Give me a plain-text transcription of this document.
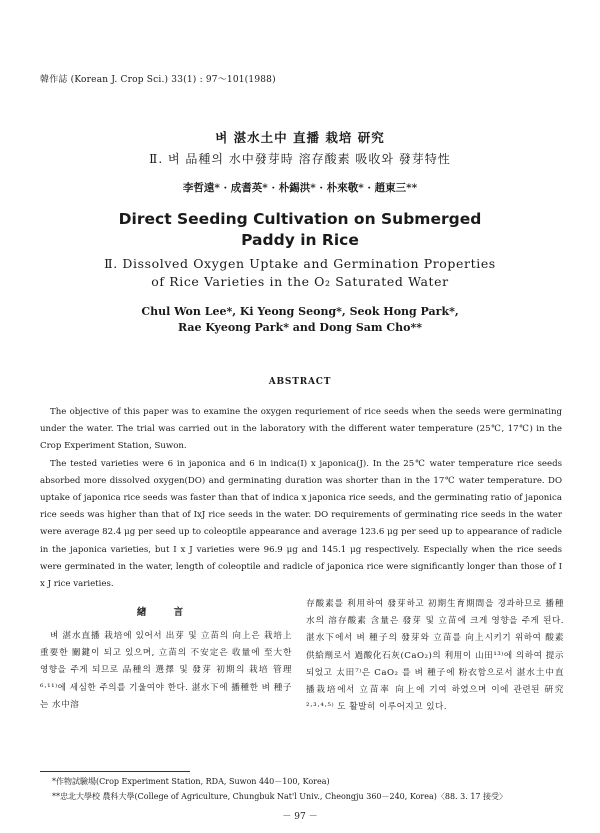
韓作誌 (Korean J. Crop Sci.) 33(1) : 97～101(1988)
벼 湛水土中 直播 栽培 研究
Ⅱ. 벼 品種의 水中發芽時 溶存酸素 吸收와 發芽特性
李哲遠* · 成耆英* · 朴錫洪* · 朴來敬* · 趙東三**
Direct Seeding Cultivation on Submerged
Paddy in Rice
Ⅱ. Dissolved Oxygen Uptake and Germination Properties
of Rice Varieties in the O₂ Saturated Water
Chul Won Lee*, Ki Yeong Seong*, Seok Hong Park*,
Rae Kyeong Park* and Dong Sam Cho**
ABSTRACT

The objective of this paper was to examine the oxygen requriement of rice seeds when the seeds were germinating under the water. The trial was carried out in the laboratory with the different water temperature (25℃, 17℃) in the Crop Experiment Station, Suwon.

The tested varieties were 6 in japonica and 6 in indica(I) x japonica(J). In the 25℃ water temperature rice seeds absorbed more dissolved oxygen(DO) and germinating duration was shorter than in the 17℃ water temperature. DO uptake of japonica rice seeds was faster than that of indica x japonica rice seeds, and the germinating ratio of japonica rice seeds was higher than that of IxJ rice seeds in the water. DO requirements of germinating rice seeds in the water were average 82.4 μg per seed up to coleoptile appearance and average 123.6 μg per seed up to appearance of radicle in the japonica varieties, but I x J varieties were 96.9 μg and 145.1 μg respectively. Especially when the rice seeds were germinated in the water, length of coleoptile and radicle of japonica rice were significantly longer than those of I x J rice varieties.

緖 言

벼 湛水直播 栽培에 있어서 出芽 및 立苗의 向上은 栽培上 重要한 關鍵이 되고 있으며, 立苗의 不安定은 收量에 至大한 영향을 주게 되므로 品種의 選擇 및 發芽 初期의 栽培 管理⁶·¹¹⁾에 세심한 주의를 기울여야 한다. 湛水下에 播種한 벼 種子는 水中溶

存酸素를 利用하여 發芽하고 初期生育期間을 경과하므로 播種水의 溶存酸素 含量은 發芽 및 立苗에 크게 영향을 주게 된다. 湛水下에서 벼 種子의 發芽와 立苗를 向上시키기 위하여 酸素 供給劑로서 過酸化石灰(CaO₂)의 利用이 山田¹³⁾에 의하여 提示되었고 太田⁷⁾은 CaO₂ 를 벼 種子에 粉衣함으로서 湛水土中直播栽培에서 立苗率 向上에 기여 하였으며 이에 관련된 硏究²·³·⁴·⁵⁾ 도 활발히 이루어지고 있다.

*作物試驗場(Crop Experiment Station, RDA, Suwon 440－100, Korea)
**忠北大學校 農科大學(College of Agriculture, Chungbuk Nat'l Univ., Cheongju 360－240, Korea)〈88. 3. 17 接受〉
－ 97 －
